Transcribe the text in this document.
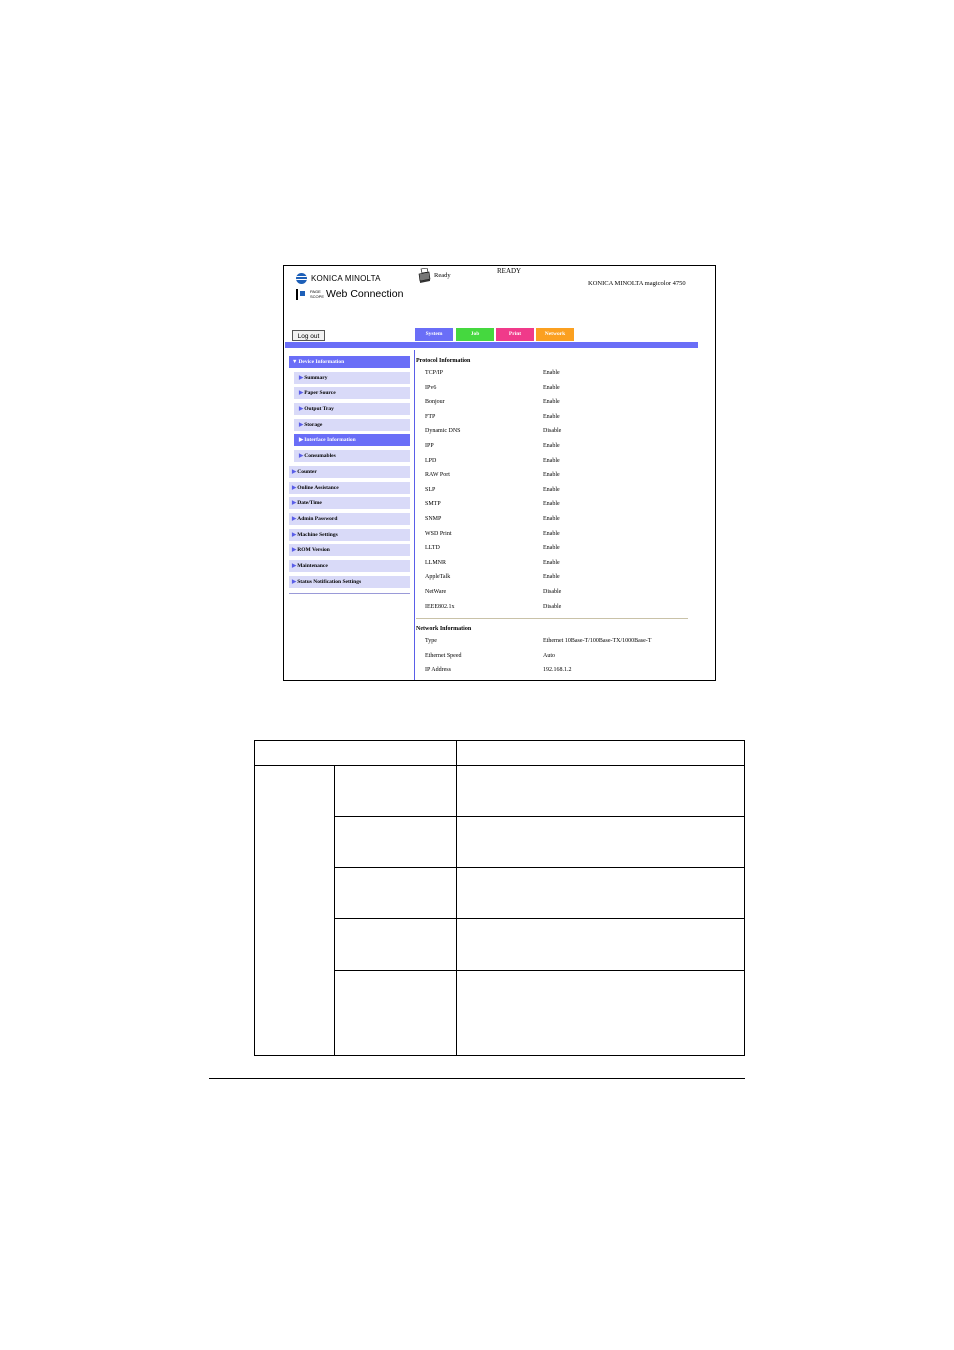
KONICA MINOLTA
PAGE SCOPE Web Connection
Ready
READY
KONICA MINOLTA magicolor 4750
Log out	System	Job	Print	Network
▼Device Information
▶Summary
▶Paper Source
▶Output Tray
▶Storage
▶Interface Information
▶Consumables
▶Counter
▶Online Assistance
▶Date/Time
▶Admin Password
▶Machine Settings
▶ROM Version
▶Maintenance
▶Status Notification Settings
Protocol Information
TCP/IP	Enable
IPv6	Enable
Bonjour	Enable
FTP	Enable
Dynamic DNS	Disable
IPP	Enable
LPD	Enable
RAW Port	Enable
SLP	Enable
SMTP	Enable
SNMP	Enable
WSD Print	Enable
LLTD	Enable
LLMNR	Enable
AppleTalk	Enable
NetWare	Disable
IEEE802.1x	Disable
Network Information
Type	Ethernet 10Base-T/100Base-TX/1000Base-T
Ethernet Speed	Auto
IP Address	192.168.1.2
